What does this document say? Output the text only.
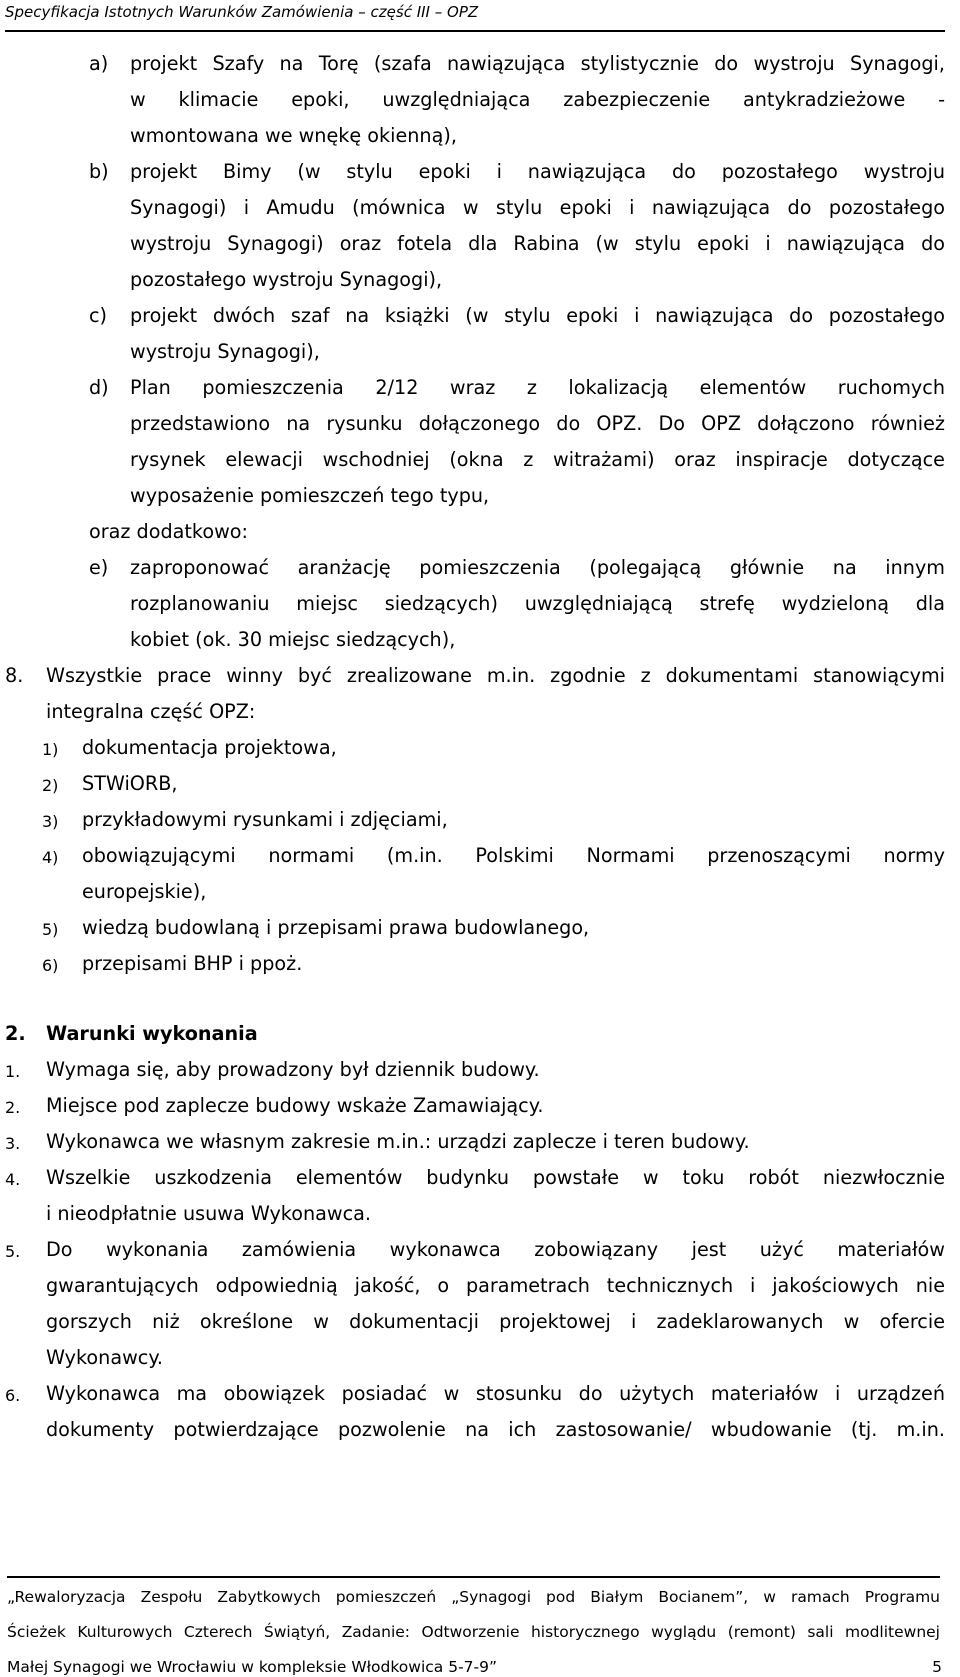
Specyfikacja Istotnych Warunków Zamówienia – część III – OPZ
a) projekt Szafy na Torę (szafa nawiązująca stylistycznie do wystroju Synagogi,
w klimacie epoki, uwzględniająca zabezpieczenie antykradzieżowe -
wmontowana we wnękę okienną),
b) projekt Bimy (w stylu epoki i nawiązująca do pozostałego wystroju
Synagogi) i Amudu (mównica w stylu epoki i nawiązująca do pozostałego
wystroju Synagogi) oraz fotela dla Rabina (w stylu epoki i nawiązująca do
pozostałego wystroju Synagogi),
c) projekt dwóch szaf na książki (w stylu epoki i nawiązująca do pozostałego
wystroju Synagogi),
d) Plan pomieszczenia 2/12 wraz z lokalizacją elementów ruchomych
przedstawiono na rysunku dołączonego do OPZ. Do OPZ dołączono również
rysynek elewacji wschodniej (okna z witrażami) oraz inspiracje dotyczące
wyposażenie pomieszczeń tego typu,
oraz dodatkowo:
e) zaproponować aranżację pomieszczenia (polegającą głównie na innym
rozplanowaniu miejsc siedzących) uwzględniającą strefę wydzieloną dla
kobiet (ok. 30 miejsc siedzących),
8. Wszystkie prace winny być zrealizowane m.in. zgodnie z dokumentami stanowiącymi
integralna część OPZ:
1) dokumentacja projektowa,
2) STWiORB,
3) przykładowymi rysunkami i zdjęciami,
4) obowiązującymi normami (m.in. Polskimi Normami przenoszącymi normy
europejskie),
5) wiedzą budowlaną i przepisami prawa budowlanego,
6) przepisami BHP i ppoż.
2. Warunki wykonania
1. Wymaga się, aby prowadzony był dziennik budowy.
2. Miejsce pod zaplecze budowy wskaże Zamawiający.
3. Wykonawca we własnym zakresie m.in.: urządzi zaplecze i teren budowy.
4. Wszelkie uszkodzenia elementów budynku powstałe w toku robót niezwłocznie
i nieodpłatnie usuwa Wykonawca.
5. Do wykonania zamówienia wykonawca zobowiązany jest użyć materiałów
gwarantujących odpowiednią jakość, o parametrach technicznych i jakościowych nie
gorszych niż określone w dokumentacji projektowej i zadeklarowanych w ofercie
Wykonawcy.
6. Wykonawca ma obowiązek posiadać w stosunku do użytych materiałów i urządzeń
dokumenty potwierdzające pozwolenie na ich zastosowanie/ wbudowanie (tj. m.in.
„Rewaloryzacja Zespołu Zabytkowych pomieszczeń „Synagogi pod Białym Bocianem”, w ramach Programu
Ścieżek Kulturowych Czterech Świątyń, Zadanie: Odtworzenie historycznego wyglądu (remont) sali modlitewnej
Małej Synagogi we Wrocławiu w kompleksie Włodkowica 5-7-9”	5
